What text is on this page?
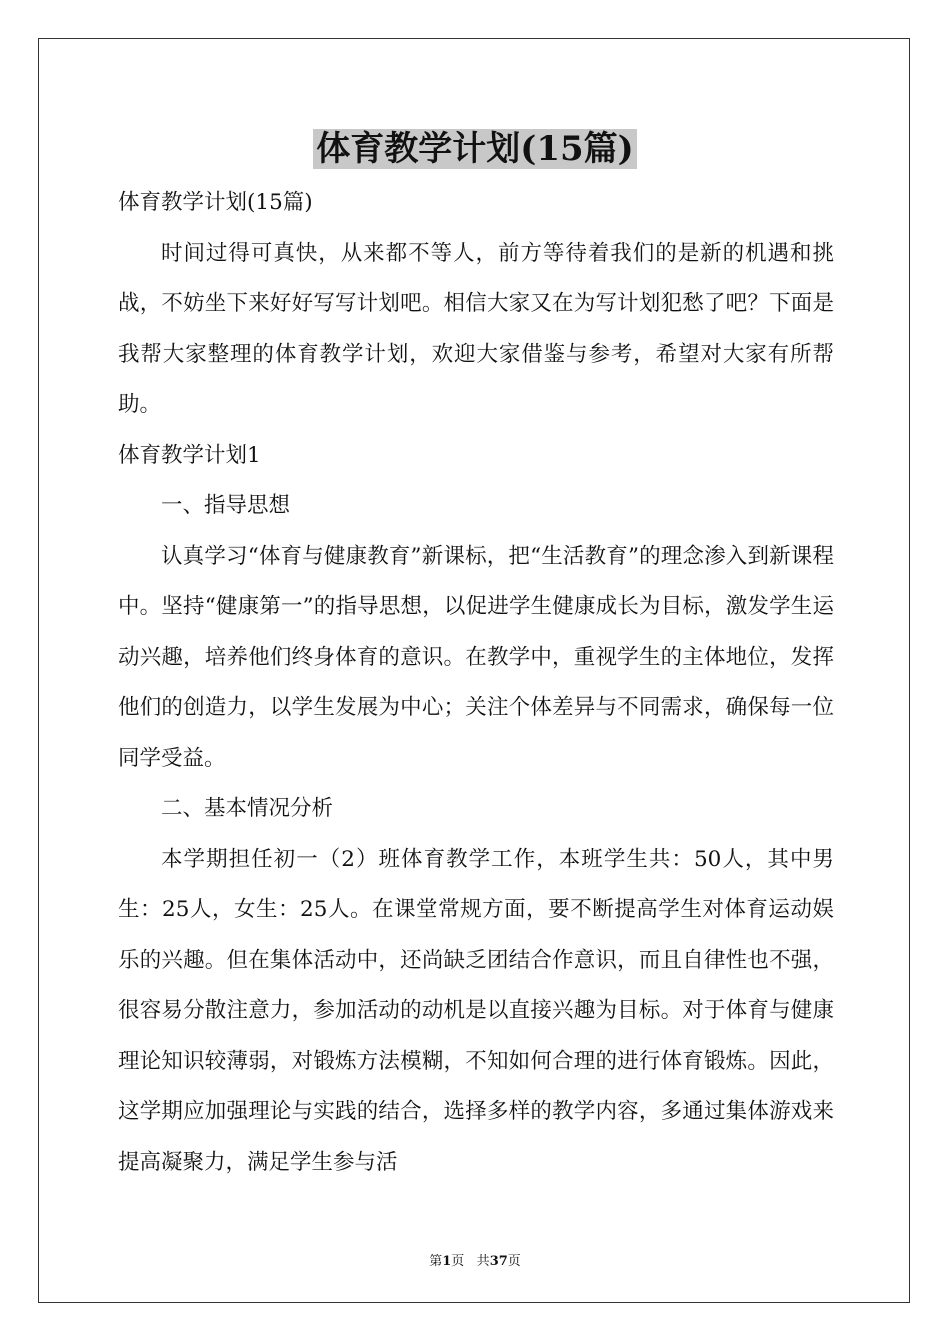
体育教学计划(15篇)

体育教学计划(15篇)

时间过得可真快，从来都不等人，前方等待着我们的是新的机遇和挑战，不妨坐下来好好写写计划吧。相信大家又在为写计划犯愁了吧？下面是我帮大家整理的体育教学计划，欢迎大家借鉴与参考，希望对大家有所帮助。

体育教学计划1

一、指导思想

认真学习“体育与健康教育”新课标，把“生活教育”的理念渗入到新课程中。坚持“健康第一”的指导思想，以促进学生健康成长为目标，激发学生运动兴趣，培养他们终身体育的意识。在教学中，重视学生的主体地位，发挥他们的创造力，以学生发展为中心；关注个体差异与不同需求，确保每一位同学受益。

二、基本情况分析

本学期担任初一（2）班体育教学工作，本班学生共：50人，其中男生：25人，女生：25人。在课堂常规方面，要不断提高学生对体育运动娱乐的兴趣。但在集体活动中，还尚缺乏团结合作意识，而且自律性也不强，很容易分散注意力，参加活动的动机是以直接兴趣为目标。对于体育与健康理论知识较薄弱，对锻炼方法模糊，不知如何合理的进行体育锻炼。因此，这学期应加强理论与实践的结合，选择多样的教学内容，多通过集体游戏来提高凝聚力，满足学生参与活

第1页 共37页
